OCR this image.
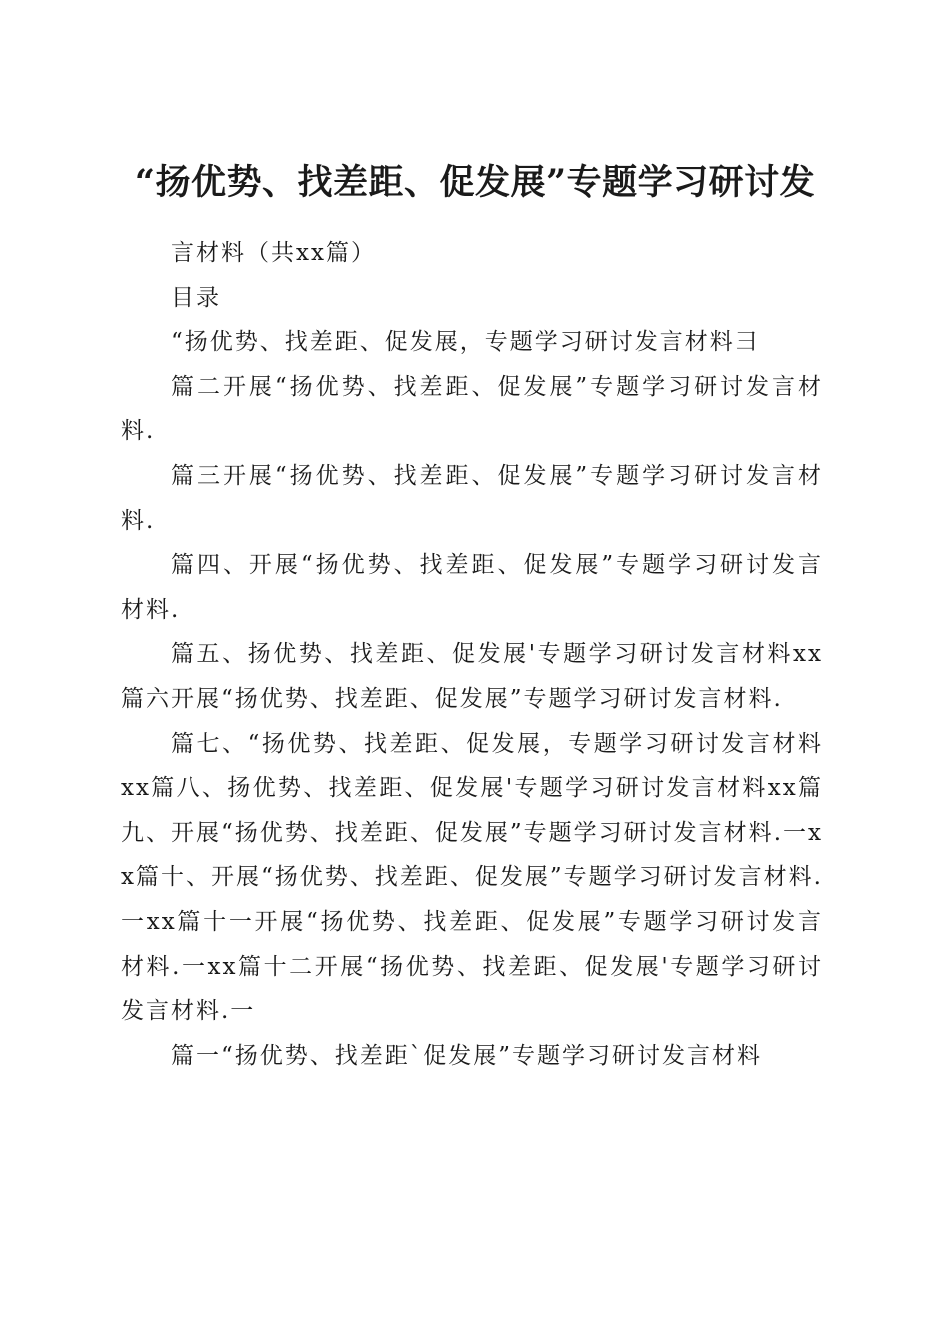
“扬优势、找差距、促发展”专题学习研讨发

言材料（共xx篇）

目录

“扬优势、找差距、促发展，专题学习研讨发言材料彐

篇二开展“扬优势、找差距、促发展”专题学习研讨发言材料.

篇三开展“扬优势、找差距、促发展”专题学习研讨发言材料.

篇四、开展“扬优势、找差距、促发展”专题学习研讨发言材料.

篇五、扬优势、找差距、促发展'专题学习研讨发言材料xx篇六开展“扬优势、找差距、促发展”专题学习研讨发言材料.

篇七、“扬优势、找差距、促发展，专题学习研讨发言材料xx篇八、扬优势、找差距、促发展'专题学习研讨发言材料xx篇九、开展“扬优势、找差距、促发展”专题学习研讨发言材料.一xx篇十、开展“扬优势、找差距、促发展”专题学习研讨发言材料.一xx篇十一开展“扬优势、找差距、促发展”专题学习研讨发言材料.一xx篇十二开展“扬优势、找差距、促发展'专题学习研讨发言材料.一

篇一“扬优势、找差距`促发展”专题学习研讨发言材料
